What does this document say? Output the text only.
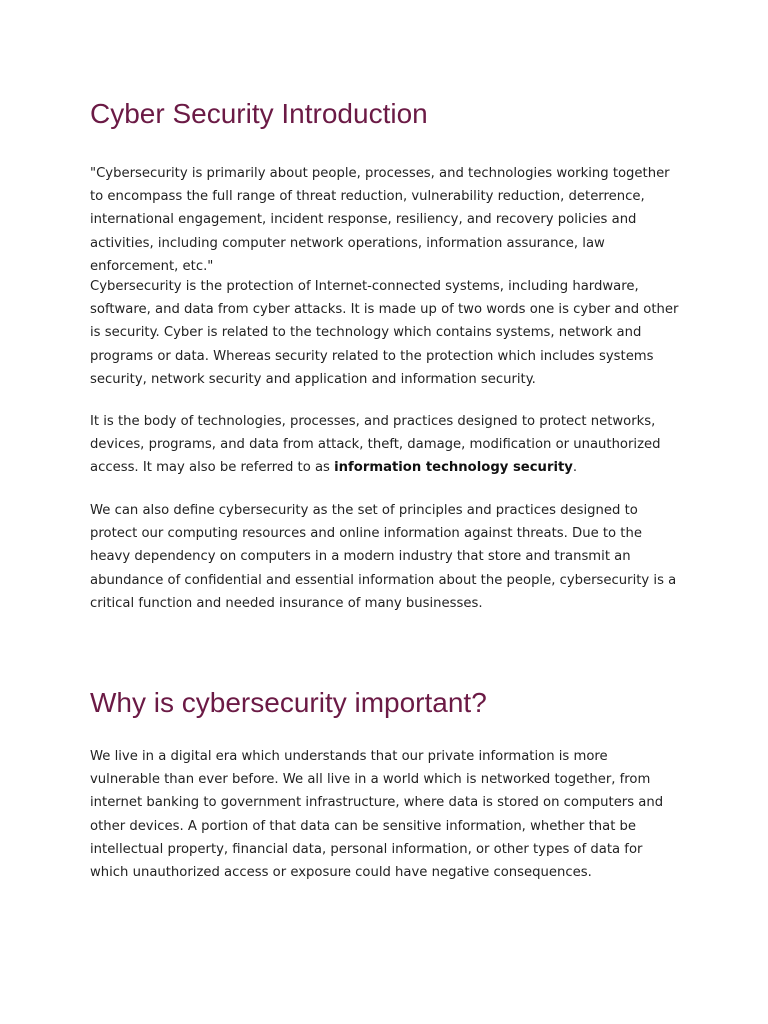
Cyber Security Introduction

"Cybersecurity is primarily about people, processes, and technologies working together to encompass the full range of threat reduction, vulnerability reduction, deterrence, international engagement, incident response, resiliency, and recovery policies and activities, including computer network operations, information assurance, law enforcement, etc."

Cybersecurity is the protection of Internet-connected systems, including hardware, software, and data from cyber attacks. It is made up of two words one is cyber and other is security. Cyber is related to the technology which contains systems, network and programs or data. Whereas security related to the protection which includes systems security, network security and application and information security.

It is the body of technologies, processes, and practices designed to protect networks, devices, programs, and data from attack, theft, damage, modification or unauthorized access. It may also be referred to as information technology security.

We can also define cybersecurity as the set of principles and practices designed to protect our computing resources and online information against threats. Due to the heavy dependency on computers in a modern industry that store and transmit an abundance of confidential and essential information about the people, cybersecurity is a critical function and needed insurance of many businesses.

Why is cybersecurity important?

We live in a digital era which understands that our private information is more vulnerable than ever before. We all live in a world which is networked together, from internet banking to government infrastructure, where data is stored on computers and other devices. A portion of that data can be sensitive information, whether that be intellectual property, financial data, personal information, or other types of data for which unauthorized access or exposure could have negative consequences.
